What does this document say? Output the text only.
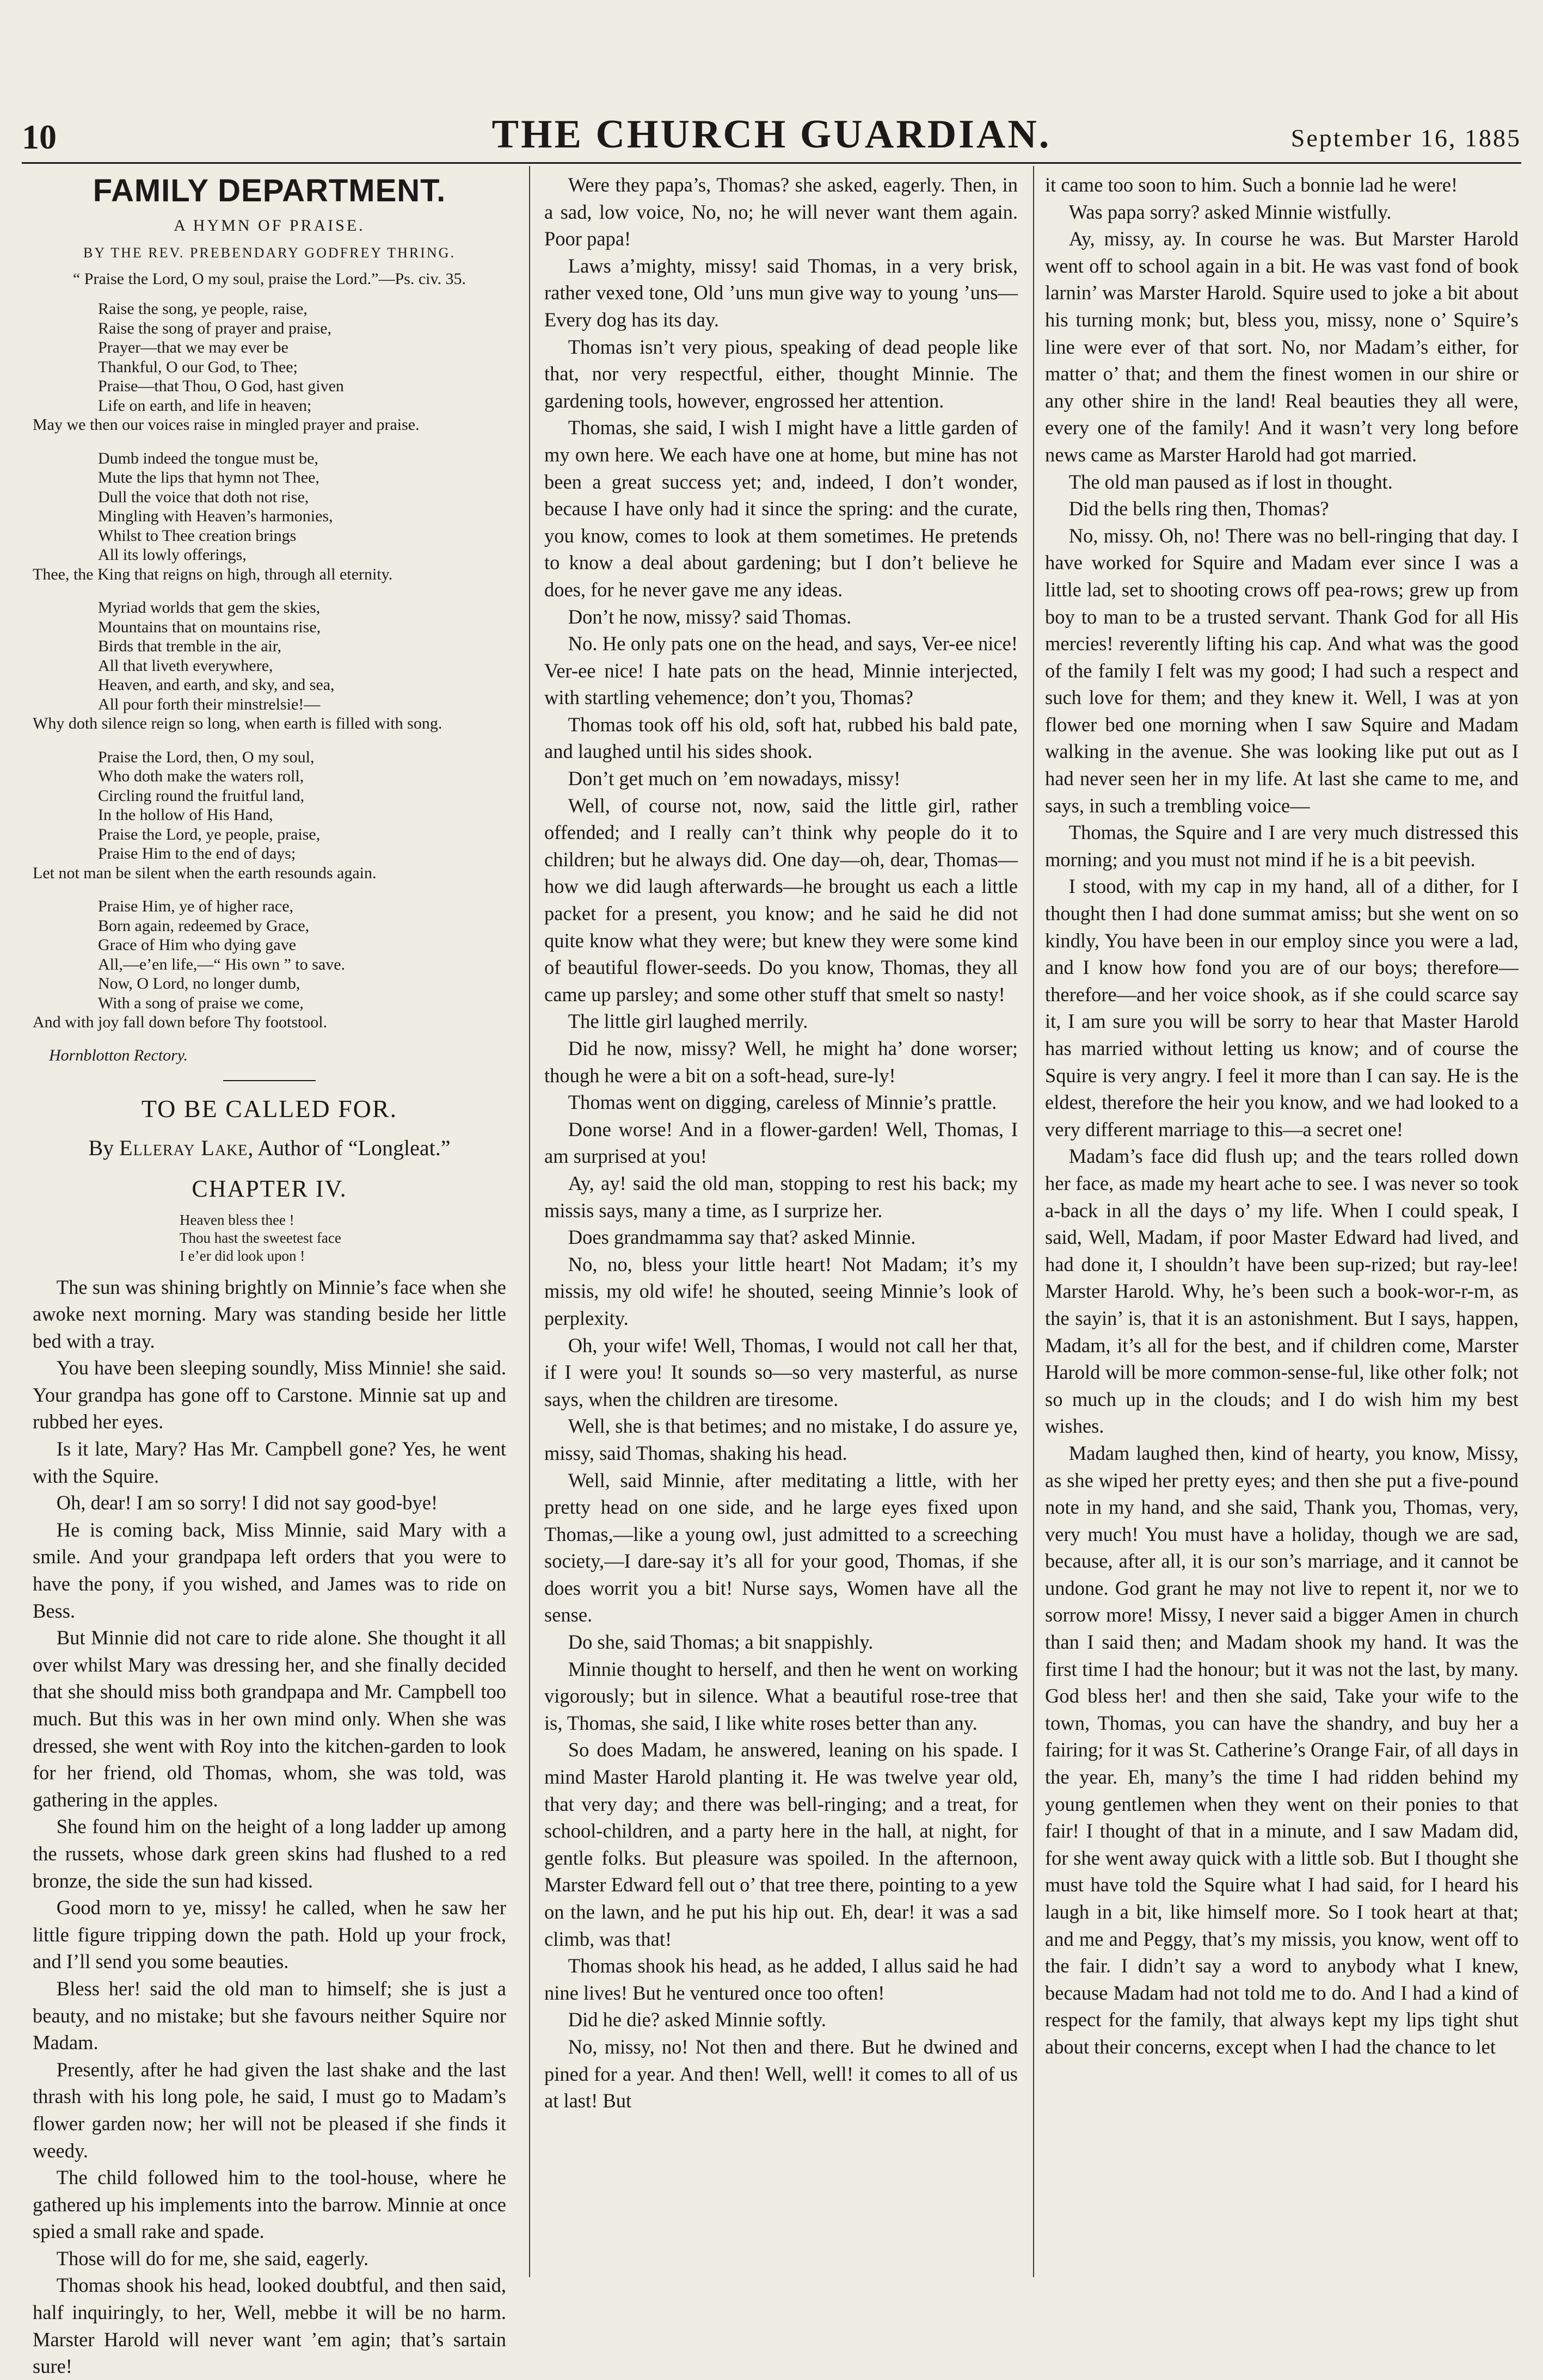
10	THE CHURCH GUARDIAN.	September 16, 1885
FAMILY DEPARTMENT.
A HYMN OF PRAISE.
BY THE REV. PREBENDARY GODFREY THRING.
“ Praise the Lord, O my soul, praise the Lord.”—Ps. civ. 35.
Raise the song, ye people, raise,
Raise the song of prayer and praise,
Prayer—that we may ever be
Thankful, O our God, to Thee;
Praise—that Thou, O God, hast given
Life on earth, and life in heaven;
May we then our voices raise in mingled prayer and praise.
Dumb indeed the tongue must be,
Mute the lips that hymn not Thee,
Dull the voice that doth not rise,
Mingling with Heaven’s harmonies,
Whilst to Thee creation brings
All its lowly offerings,
Thee, the King that reigns on high, through all eternity.
Myriad worlds that gem the skies,
Mountains that on mountains rise,
Birds that tremble in the air,
All that liveth everywhere,
Heaven, and earth, and sky, and sea,
All pour forth their minstrelsie!—
Why doth silence reign so long, when earth is filled with song.
Praise the Lord, then, O my soul,
Who doth make the waters roll,
Circling round the fruitful land,
In the hollow of His Hand,
Praise the Lord, ye people, praise,
Praise Him to the end of days;
Let not man be silent when the earth resounds again.
Praise Him, ye of higher race,
Born again, redeemed by Grace,
Grace of Him who dying gave
All,—e’en life,—“ His own ” to save.
Now, O Lord, no longer dumb,
With a song of praise we come,
And with joy fall down before Thy footstool.
Hornblotton Rectory.
TO BE CALLED FOR.
By Elleray Lake, Author of “Longleat.”
CHAPTER IV.
Heaven bless thee !
Thou hast the sweetest face
I e’er did look upon !

The sun was shining brightly on Minnie’s face when she awoke next morning. Mary was standing beside her little bed with a tray.

You have been sleeping soundly, Miss Minnie! she said. Your grandpa has gone off to Carstone. Minnie sat up and rubbed her eyes.

Is it late, Mary? Has Mr. Campbell gone? Yes, he went with the Squire.

Oh, dear! I am so sorry! I did not say good-bye!

He is coming back, Miss Minnie, said Mary with a smile. And your grandpapa left orders that you were to have the pony, if you wished, and James was to ride on Bess.

But Minnie did not care to ride alone. She thought it all over whilst Mary was dressing her, and she finally decided that she should miss both grandpapa and Mr. Campbell too much. But this was in her own mind only. When she was dressed, she went with Roy into the kitchen-garden to look for her friend, old Thomas, whom, she was told, was gathering in the apples.

She found him on the height of a long ladder up among the russets, whose dark green skins had flushed to a red bronze, the side the sun had kissed.

Good morn to ye, missy! he called, when he saw her little figure tripping down the path. Hold up your frock, and I’ll send you some beauties.

Bless her! said the old man to himself; she is just a beauty, and no mistake; but she favours neither Squire nor Madam.

Presently, after he had given the last shake and the last thrash with his long pole, he said, I must go to Madam’s flower garden now; her will not be pleased if she finds it weedy.

The child followed him to the tool-house, where he gathered up his implements into the barrow. Minnie at once spied a small rake and spade.

Those will do for me, she said, eagerly.

Thomas shook his head, looked doubtful, and then said, half inquiringly, to her, Well, mebbe it will be no harm. Marster Harold will never want ’em agin; that’s sartain sure!

Were they papa’s, Thomas? she asked, eagerly. Then, in a sad, low voice, No, no; he will never want them again. Poor papa!

Laws a’mighty, missy! said Thomas, in a very brisk, rather vexed tone, Old ’uns mun give way to young ’uns—Every dog has its day.

Thomas isn’t very pious, speaking of dead people like that, nor very respectful, either, thought Minnie. The gardening tools, however, engrossed her attention.

Thomas, she said, I wish I might have a little garden of my own here. We each have one at home, but mine has not been a great success yet; and, indeed, I don’t wonder, because I have only had it since the spring: and the curate, you know, comes to look at them sometimes. He pretends to know a deal about gardening; but I don’t believe he does, for he never gave me any ideas.

Don’t he now, missy? said Thomas.

No. He only pats one on the head, and says, Ver-ee nice! Ver-ee nice! I hate pats on the head, Minnie interjected, with startling vehemence; don’t you, Thomas?

Thomas took off his old, soft hat, rubbed his bald pate, and laughed until his sides shook.

Don’t get much on ’em nowadays, missy!

Well, of course not, now, said the little girl, rather offended; and I really can’t think why people do it to children; but he always did. One day—oh, dear, Thomas—how we did laugh afterwards—he brought us each a little packet for a present, you know; and he said he did not quite know what they were; but knew they were some kind of beautiful flower-seeds. Do you know, Thomas, they all came up parsley; and some other stuff that smelt so nasty!

The little girl laughed merrily.

Did he now, missy? Well, he might ha’ done worser; though he were a bit on a soft-head, sure-ly!

Thomas went on digging, careless of Minnie’s prattle.

Done worse! And in a flower-garden! Well, Thomas, I am surprised at you!

Ay, ay! said the old man, stopping to rest his back; my missis says, many a time, as I surprize her.

Does grandmamma say that? asked Minnie.

No, no, bless your little heart! Not Madam; it’s my missis, my old wife! he shouted, seeing Minnie’s look of perplexity.

Oh, your wife! Well, Thomas, I would not call her that, if I were you! It sounds so—so very masterful, as nurse says, when the children are tiresome.

Well, she is that betimes; and no mistake, I do assure ye, missy, said Thomas, shaking his head.

Well, said Minnie, after meditating a little, with her pretty head on one side, and he large eyes fixed upon Thomas,—like a young owl, just admitted to a screeching society,—I dare-say it’s all for your good, Thomas, if she does worrit you a bit! Nurse says, Women have all the sense.

Do she, said Thomas; a bit snappishly.

Minnie thought to herself, and then he went on working vigorously; but in silence. What a beautiful rose-tree that is, Thomas, she said, I like white roses better than any.

So does Madam, he answered, leaning on his spade. I mind Master Harold planting it. He was twelve year old, that very day; and there was bell-ringing; and a treat, for school-children, and a party here in the hall, at night, for gentle folks. But pleasure was spoiled. In the afternoon, Marster Edward fell out o’ that tree there, pointing to a yew on the lawn, and he put his hip out. Eh, dear! it was a sad climb, was that!

Thomas shook his head, as he added, I allus said he had nine lives! But he ventured once too often!

Did he die? asked Minnie softly.

No, missy, no! Not then and there. But he dwined and pined for a year. And then! Well, well! it comes to all of us at last! But

it came too soon to him. Such a bonnie lad he were!

Was papa sorry? asked Minnie wistfully.

Ay, missy, ay. In course he was. But Marster Harold went off to school again in a bit. He was vast fond of book larnin’ was Marster Harold. Squire used to joke a bit about his turning monk; but, bless you, missy, none o’ Squire’s line were ever of that sort. No, nor Madam’s either, for matter o’ that; and them the finest women in our shire or any other shire in the land! Real beauties they all were, every one of the family! And it wasn’t very long before news came as Marster Harold had got married.

The old man paused as if lost in thought.

Did the bells ring then, Thomas?

No, missy. Oh, no! There was no bell-ringing that day. I have worked for Squire and Madam ever since I was a little lad, set to shooting crows off pea-rows; grew up from boy to man to be a trusted servant. Thank God for all His mercies! reverently lifting his cap. And what was the good of the family I felt was my good; I had such a respect and such love for them; and they knew it. Well, I was at yon flower bed one morning when I saw Squire and Madam walking in the avenue. She was looking like put out as I had never seen her in my life. At last she came to me, and says, in such a trembling voice—

Thomas, the Squire and I are very much distressed this morning; and you must not mind if he is a bit peevish.

I stood, with my cap in my hand, all of a dither, for I thought then I had done summat amiss; but she went on so kindly, You have been in our employ since you were a lad, and I know how fond you are of our boys; therefore—therefore—and her voice shook, as if she could scarce say it, I am sure you will be sorry to hear that Master Harold has married without letting us know; and of course the Squire is very angry. I feel it more than I can say. He is the eldest, therefore the heir you know, and we had looked to a very different marriage to this—a secret one!

Madam’s face did flush up; and the tears rolled down her face, as made my heart ache to see. I was never so took a-back in all the days o’ my life. When I could speak, I said, Well, Madam, if poor Master Edward had lived, and had done it, I shouldn’t have been sup-rized; but ray-lee! Marster Harold. Why, he’s been such a book-wor-r-m, as the sayin’ is, that it is an astonishment. But I says, happen, Madam, it’s all for the best, and if children come, Marster Harold will be more common-sense-ful, like other folk; not so much up in the clouds; and I do wish him my best wishes.

Madam laughed then, kind of hearty, you know, Missy, as she wiped her pretty eyes; and then she put a five-pound note in my hand, and she said, Thank you, Thomas, very, very much! You must have a holiday, though we are sad, because, after all, it is our son’s marriage, and it cannot be undone. God grant he may not live to repent it, nor we to sorrow more! Missy, I never said a bigger Amen in church than I said then; and Madam shook my hand. It was the first time I had the honour; but it was not the last, by many. God bless her! and then she said, Take your wife to the town, Thomas, you can have the shandry, and buy her a fairing; for it was St. Catherine’s Orange Fair, of all days in the year. Eh, many’s the time I had ridden behind my young gentlemen when they went on their ponies to that fair! I thought of that in a minute, and I saw Madam did, for she went away quick with a little sob. But I thought she must have told the Squire what I had said, for I heard his laugh in a bit, like himself more. So I took heart at that; and me and Peggy, that’s my missis, you know, went off to the fair. I didn’t say a word to anybody what I knew, because Madam had not told me to do. And I had a kind of respect for the family, that always kept my lips tight shut about their concerns, except when I had the chance to let
